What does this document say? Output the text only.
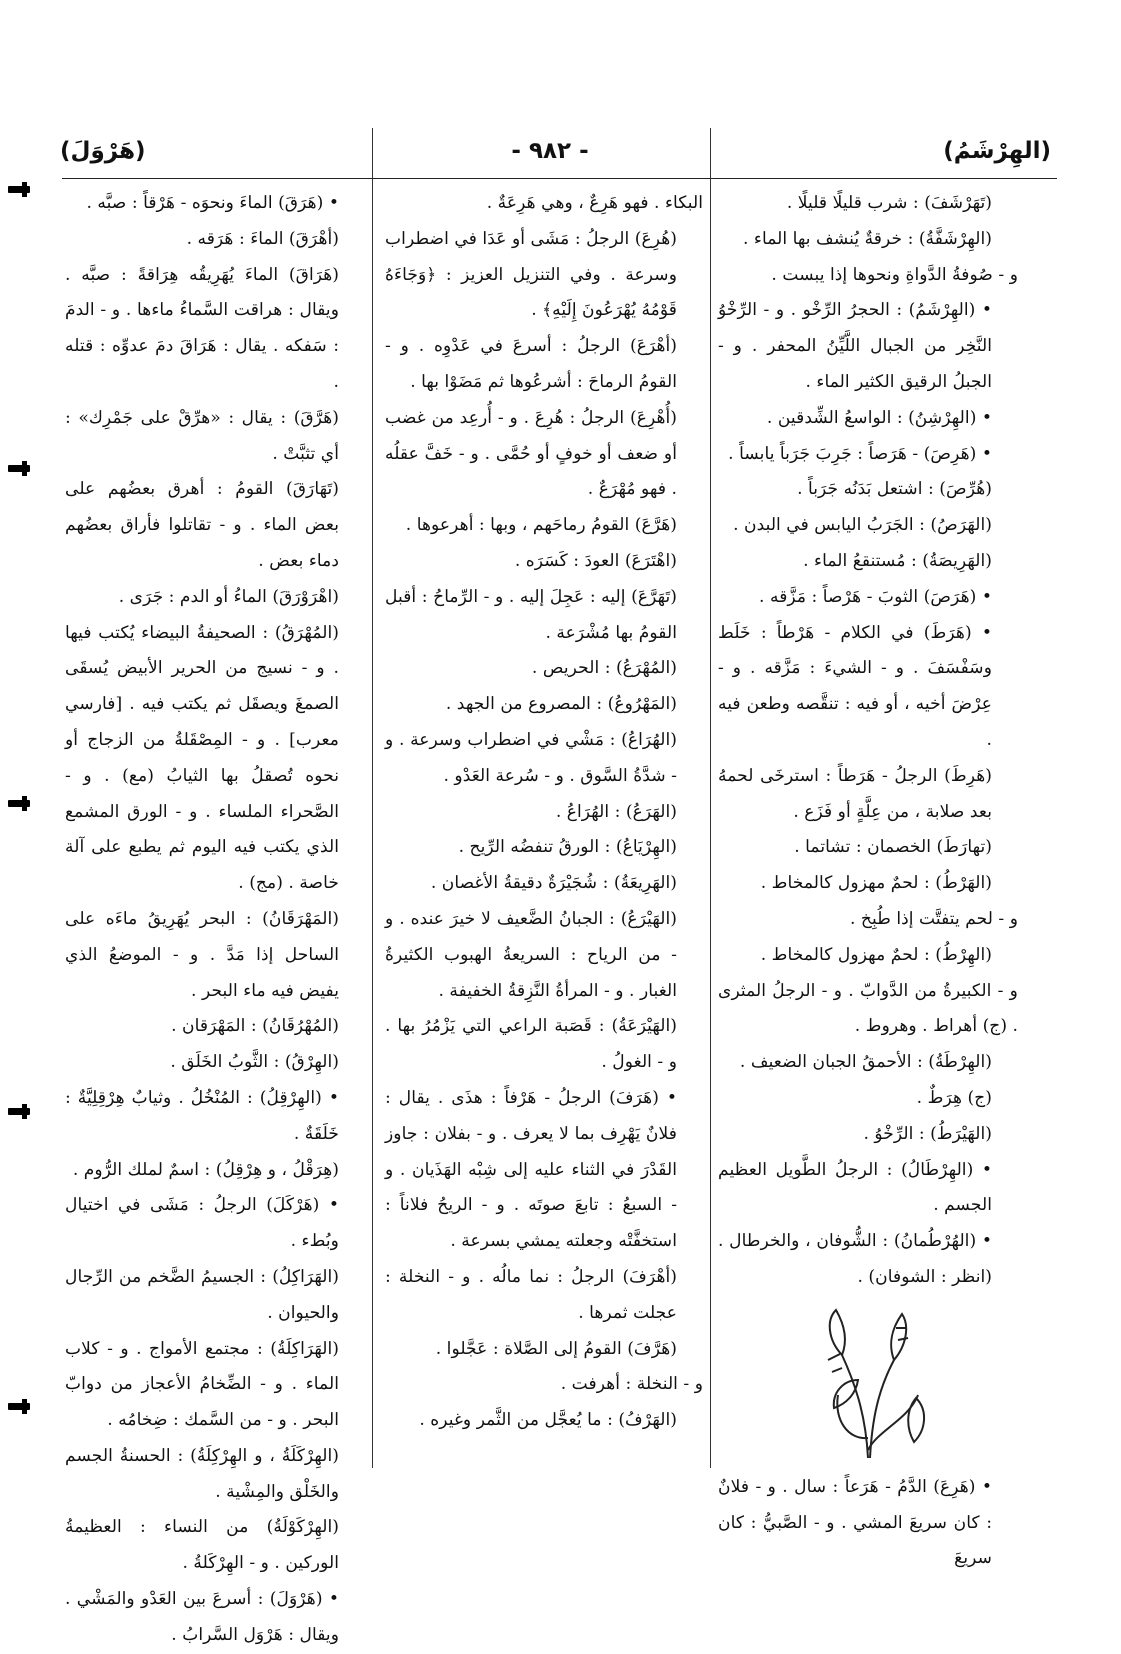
(الهِرْشَمُ)
- ٩٨٢ -
(هَرْوَلَ)

(تَهَرْشَفَ) : شرب قليلًا قليلًا .

(الهِرْشَفَّةُ) : خرقةٌ يُنشف بها الماء .

و - صُوفةُ الدَّواةِ ونحوها إذا يبست .

• (الهِرْشَمُ) : الحجرُ الرِّخْو . و - الرِّخْوُ النَّخِر من الجبال اللَّيِّنُ المحفر . و - الجبلُ الرقيق الكثير الماء .

• (الهِرْشِنُ) : الواسعُ الشِّدقين .

• (هَرِصَ) - هَرَصاً : جَرِبَ جَرَباً يابساً .

(هُرِّصَ) : اشتعل بَدَنُه جَرَباً .

(الهَرَصُ) : الجَرَبُ اليابس في البدن .

(الهَرِيصَةُ) : مُستنقعُ الماء .

• (هَرَصَ) الثوبَ - هَرْصاً : مَزَّقه .

• (هَرَطَ) في الكلام - هَرْطاً : خَلَط وسَفْسَفَ . و - الشيءَ : مَزَّقه . و - عِرْضَ أخيه ، أو فيه : تنقَّصه وطعن فيه .

(هَرِطَ) الرجلُ - هَرَطاً : استرخَى لحمهُ بعد صلابة ، من عِلَّةٍ أو فَزَع .

(تهارَطَ) الخصمان : تشاتما .

(الهَرْطُ) : لحمٌ مهزول كالمخاط .

و - لحم يتفتَّت إذا طُبِخ .

(الهِرْطُ) : لحمٌ مهزول كالمخاط .

و - الكبيرةُ من الدَّوابّ . و - الرجلُ المثرى . (ج) أهراط . وهروط .

(الهِرْطَةُ) : الأحمقُ الجبان الضعيف .

(ج) هِرَطٌ .

(الهَيْرَطُ) : الرِّخْوُ .

• (الهِرْطَالُ) : الرجلُ الطَّويل العظيم الجسم .

• (الهُرْطُمانُ) : الشُّوفان ، والخرطال . (انظر : الشوفان) .

• (هَرِعَ) الدَّمُ - هَرَعاً : سال . و - فلانٌ : كان سريعَ المشي . و - الصَّبيُّ : كان سريعَ

البكاء . فهو هَرِعٌ ، وهي هَرِعَةٌ .

(هُرِعَ) الرجلُ : مَشَى أو عَدَا في اضطراب وسرعة . وفي التنزيل العزيز : ﴿وَجَاءَهُ قَوْمُهُ يُهْرَعُونَ إِلَيْهِ﴾ .

(أهْرَعَ) الرجلُ : أسرعَ في عَدْوِه . و - القومُ الرماحَ : أشرعُوها ثم مَضَوْا بها .

(أُهْرِعَ) الرجلُ : هُرِعَ . و - أُرعِد من غضب أو ضعف أو خوفٍ أو حُمَّى . و - خَفَّ عقلُه . فهو مُهْرَعٌ .

(هَرَّعَ) القومُ رماحَهم ، وبها : أهرعوها .

(اهْتَرَعَ) العودَ : كَسَرَه .

(تَهَرَّعَ) إليه : عَجِلَ إليه . و - الرِّماحُ : أقبل القومُ بها مُشْرَعة .

(المُهْرَعُ) : الحريص .

(المَهْرُوعُ) : المصروع من الجهد .

(الهُرَاعُ) : مَشْي في اضطراب وسرعة . و - شدَّةُ السَّوق . و - سُرعة العَدْو .

(الهَرَعُ) : الهُرَاعُ .

(الهِرْيَاعُ) : الورقُ تنفضُه الرِّيح .

(الهَرِيعَةُ) : شُجَيْرَةٌ دقيقةُ الأغصان .

(الهَيْرَعُ) : الجبانُ الضَّعيف لا خيرَ عنده . و - من الرياح : السريعةُ الهبوب الكثيرةُ الغبار . و - المرأةُ النَّزِقةُ الخفيفة .

(الهَيْرَعَةُ) : قَصَبة الراعي التي يَزْمُرُ بها . و - الغولُ .

• (هَرَفَ) الرجلُ - هَرْفاً : هذَى . يقال : فلانٌ يَهْرِف بما لا يعرف . و - بفلان : جاوز القَدْرَ في الثناء عليه إلى شِبْه الهَذَيان . و - السبعُ : تابعَ صوتَه . و - الريحُ فلاناً : استخفَّتْه وجعلته يمشي بسرعة .

(أهْرَفَ) الرجلُ : نما مالُه . و - النخلة : عجلت ثمرها .

(هَرَّفَ) القومُ إلى الصَّلاة : عَجَّلوا .

و - النخلة : أهرفت .

(الهَرْفُ) : ما يُعجَّل من الثَّمر وغيره .

• (هَرَقَ) الماءَ ونحوَه - هَرْقاً : صبَّه .

(أهْرَقَ) الماءَ : هَرَقه .

(هَرَاقَ) الماءَ يُهَرِيقُه هِرَاقةً : صبَّه . ويقال : هراقت السَّماءُ ماءها . و - الدمَ : سَفكه . يقال : هَرَاقَ دمَ عدوِّه : قتله .

(هَرَّقَ) : يقال : «هرِّقْ على جَمْرِك» : أي تثبَّتْ .

(تَهَارَقَ) القومُ : أهرق بعضُهم على بعض الماء . و - تقاتلوا فأراق بعضُهم دماء بعض .

(اهْرَوْرَقَ) الماءُ أو الدم : جَرَى .

(المُهْرَقُ) : الصحيفةُ البيضاء يُكتب فيها . و - نسيج من الحرير الأبيض يُسقَى الصمغَ ويصقَل ثم يكتب فيه . [فارسي معرب] . و - المِصْقَلةُ من الزجاج أو نحوه تُصقلُ بها الثيابُ (مع) . و - الصَّحراء الملساء . و - الورق المشمع الذي يكتب فيه اليوم ثم يطبع على آلة خاصة . (مج) .

(المَهْرَقَانُ) : البحر يُهَرِيقُ ماءَه على الساحل إذا مَدَّ . و - الموضعُ الذي يفيض فيه ماء البحر .

(المُهْرُقَانُ) : المَهْرَقان .

(الهِرْقُ) : الثَّوبُ الخَلَق .

• (الهِرْقِلُ) : المُنْخُلُ . وثيابٌ هِرْقِلِيَّةٌ : خَلَقَةٌ .

(هِرَقْلُ ، و هِرْقِلُ) : اسمٌ لملك الرُّوم .

• (هَرْكَلَ) الرجلُ : مَشَى في اختيال وبُطء .

(الهَرَاكِلُ) : الجسيمُ الضَّخم من الرِّجال والحيوان .

(الهَرَاكِلَةُ) : مجتمع الأمواج . و - كلاب الماء . و - الضِّخامُ الأعجاز من دوابّ البحر . و - من السَّمك : ضِخامُه .

(الهِرْكَلَةُ ، و الهِرْكِلَةُ) : الحسنةُ الجسم والخَلْق والمِشْية .

(الهِرْكَوْلَةُ) من النساء : العظيمةُ الوركين . و - الهِرْكَلةُ .

• (هَرْوَلَ) : أسرعَ بين العَدْو والمَشْي . ويقال : هَرْوَل السَّرابُ .
